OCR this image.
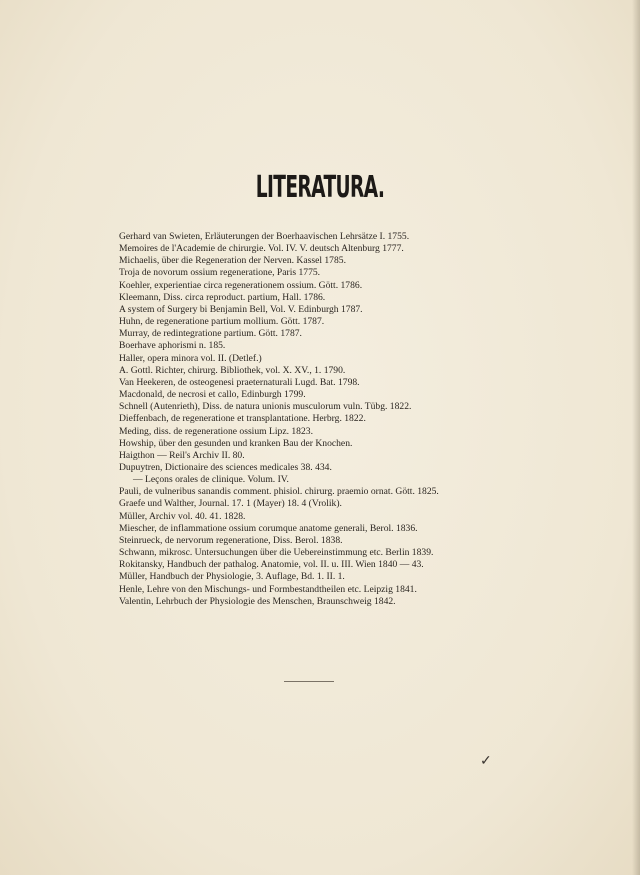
LITERATURA.
Gerhard van Swieten, Erläuterungen der Boerhaavischen Lehrsätze I. 1755.
Memoires de l'Academie de chirurgie. Vol. IV. V. deutsch Altenburg 1777.
Michaelis, über die Regeneration der Nerven. Kassel 1785.
Troja de novorum ossium regeneratione, Paris 1775.
Koehler, experientiae circa regenerationem ossium. Gött. 1786.
Kleemann, Diss. circa reproduct. partium, Hall. 1786.
A system of Surgery bi Benjamin Bell, Vol. V. Edinburgh 1787.
Huhn, de regeneratione partium mollium. Gött. 1787.
Murray, de redintegratione partium. Gött. 1787.
Boerhave aphorismi n. 185.
Haller, opera minora vol. II. (Detlef.)
A. Gottl. Richter, chirurg. Bibliothek, vol. X. XV., 1. 1790.
Van Heekeren, de osteogenesi praeternaturali Lugd. Bat. 1798.
Macdonald, de necrosi et callo, Edinburgh 1799.
Schnell (Autenrieth), Diss. de natura unionis musculorum vuln. Tübg. 1822.
Dieffenbach, de regeneratione et transplantatione. Herbrg. 1822.
Meding, diss. de regeneratione ossium Lipz. 1823.
Howship, über den gesunden und kranken Bau der Knochen.
Haigthon — Reil's Archiv II. 80.
Dupuytren, Dictionaire des sciences medicales 38. 434.
— Leçons orales de clinique. Volum. IV.
Pauli, de vulneribus sanandis comment. phisiol. chirurg. praemio ornat. Gött. 1825.
Graefe und Walther, Journal. 17. 1 (Mayer) 18. 4 (Vrolik).
Müller, Archiv vol. 40. 41. 1828.
Miescher, de inflammatione ossium corumque anatome generali, Berol. 1836.
Steinrueck, de nervorum regeneratione, Diss. Berol. 1838.
Schwann, mikrosc. Untersuchungen über die Uebereinstimmung etc. Berlin 1839.
Rokitansky, Handbuch der pathalog. Anatomie, vol. II. u. III. Wien 1840 — 43.
Müller, Handbuch der Physiologie, 3. Auflage, Bd. 1. II. 1.
Henle, Lehre von den Mischungs- und Formbestandtheilen etc. Leipzig 1841.
Valentin, Lehrbuch der Physiologie des Menschen, Braunschweig 1842.
✓
